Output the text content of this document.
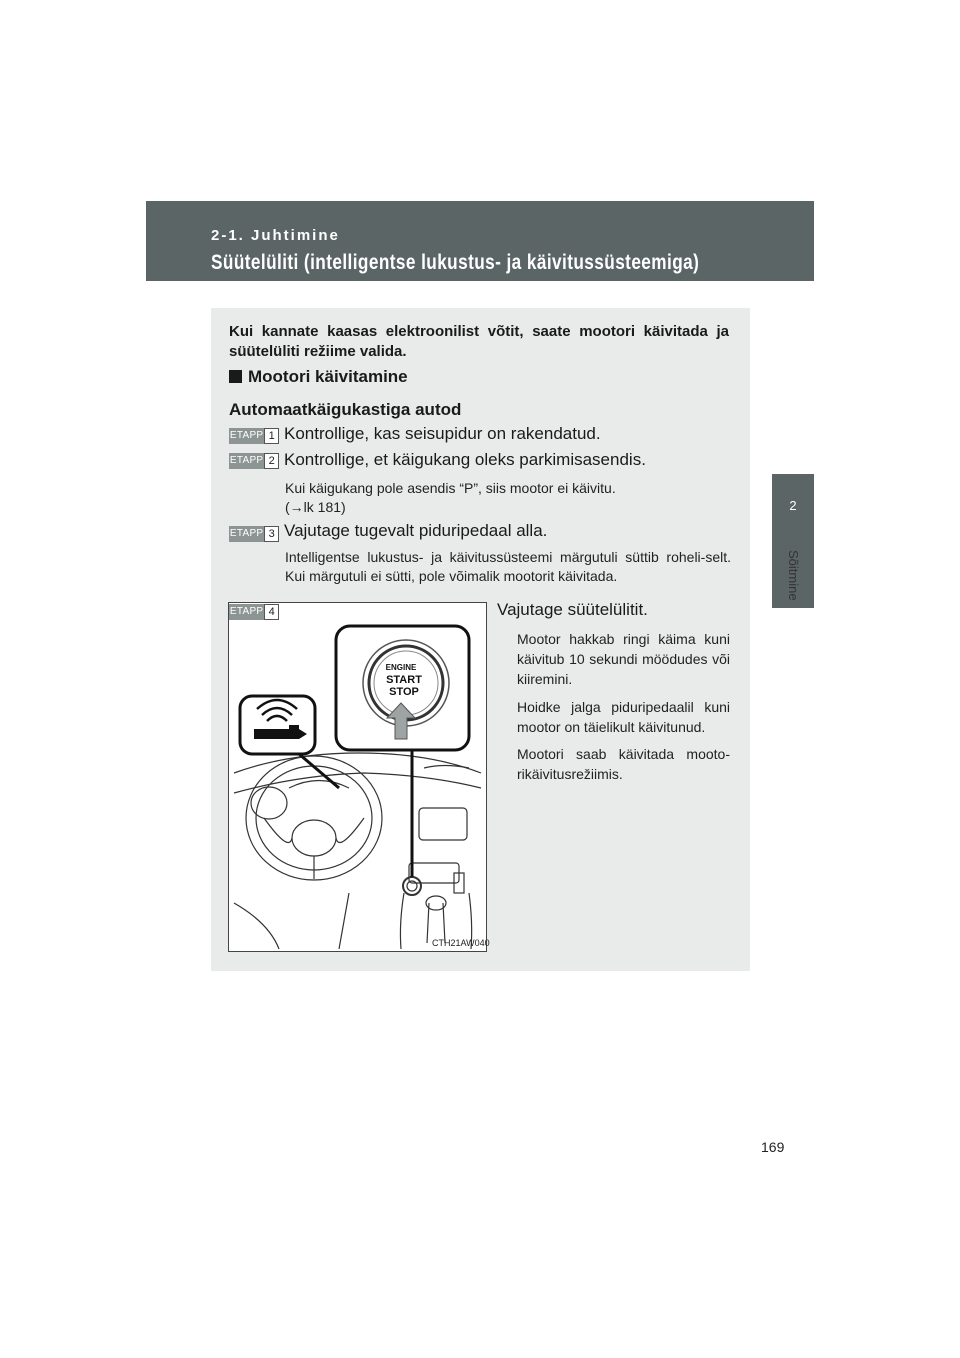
2-1. Juhtimine
Süütelüliti (intelligentse lukustus- ja käivitussüsteemiga)
2
Sõitmine
Kui kannate kaasas elektroonilist võtit, saate mootori käivitada ja süütelüliti režiime valida.
Mootori käivitamine
Automaatkäigukastiga autod
ETAPP 1 Kontrollige, kas seisupidur on rakendatud.
ETAPP 2 Kontrollige, et käigukang oleks parkimisasendis.
Kui käigukang pole asendis “P”, siis mootor ei käivitu.
(→lk 181)
ETAPP 3 Vajutage tugevalt piduripedaal alla.
Intelligentse lukustus- ja käivitussüsteemi märgutuli süttib roheli-selt. Kui märgutuli ei sütti, pole võimalik mootorit käivitada.
ENGINE
START
STOP
ETAPP 4
CTH21AW040
Vajutage süütelülitit.
Mootor hakkab ringi käima kuni käivitub 10 sekundi möödudes või kiiremini.
Hoidke jalga piduripedaalil kuni mootor on täielikult käivitunud.
Mootori saab käivitada mooto-rikäivitusrežiimis.
169
